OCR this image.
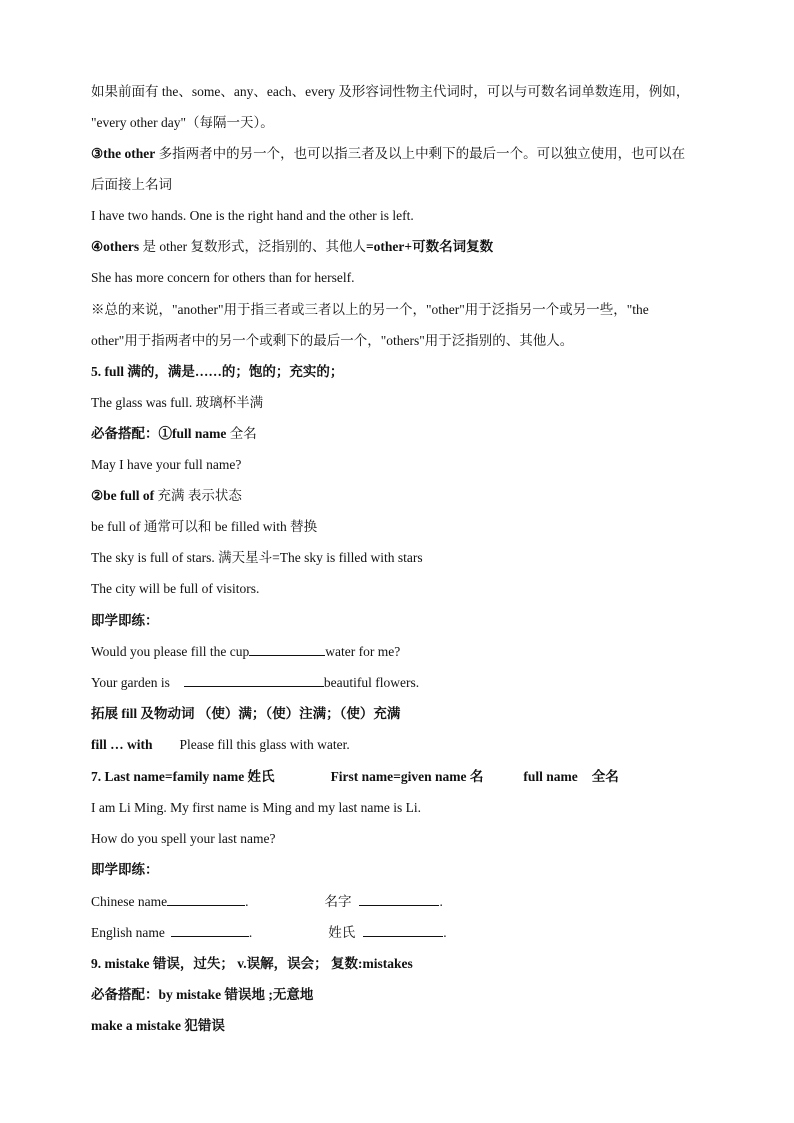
如果前面有 the、some、any、each、every 及形容词性物主代词时，可以与可数名词单数连用，例如，
"every other day"（每隔一天）。
③the other 多指两者中的另一个，也可以指三者及以上中剩下的最后一个。可以独立使用，也可以在
后面接上名词
I have two hands. One is the right hand and the other is left.
④others 是 other 复数形式，泛指别的、其他人=other+可数名词复数
She has more concern for others than for herself.
※总的来说，"another"用于指三者或三者以上的另一个，"other"用于泛指另一个或另一些，"the
other"用于指两者中的另一个或剩下的最后一个，"others"用于泛指别的、其他人。
5. full 满的，满是……的；饱的；充实的；
The glass was full. 玻璃杯半满
必备搭配：①full name 全名
May I have your full name?
②be full of 充满 表示状态
be full of 通常可以和 be filled with 替换
The sky is full of stars. 满天星斗=The sky is filled with stars
The city will be full of visitors.
即学即练：
Would you please fill the cup	water for me?
Your garden is	beautiful flowers.
拓展 fill 及物动词 （使）满；（使）注满；（使）充满
fill … with Please fill this glass with water.
7. Last name=family name 姓氏	First name=given name 名	full name 全名
I am Li Ming. My first name is Ming and my last name is Li.
How do you spell your last name?
即学即练：
Chinese name	.	名字	.
English name	.	姓氏	.
9. mistake 错误，过失； v.误解，误会； 复数:mistakes
必备搭配：by mistake 错误地 ;无意地
make a mistake 犯错误
